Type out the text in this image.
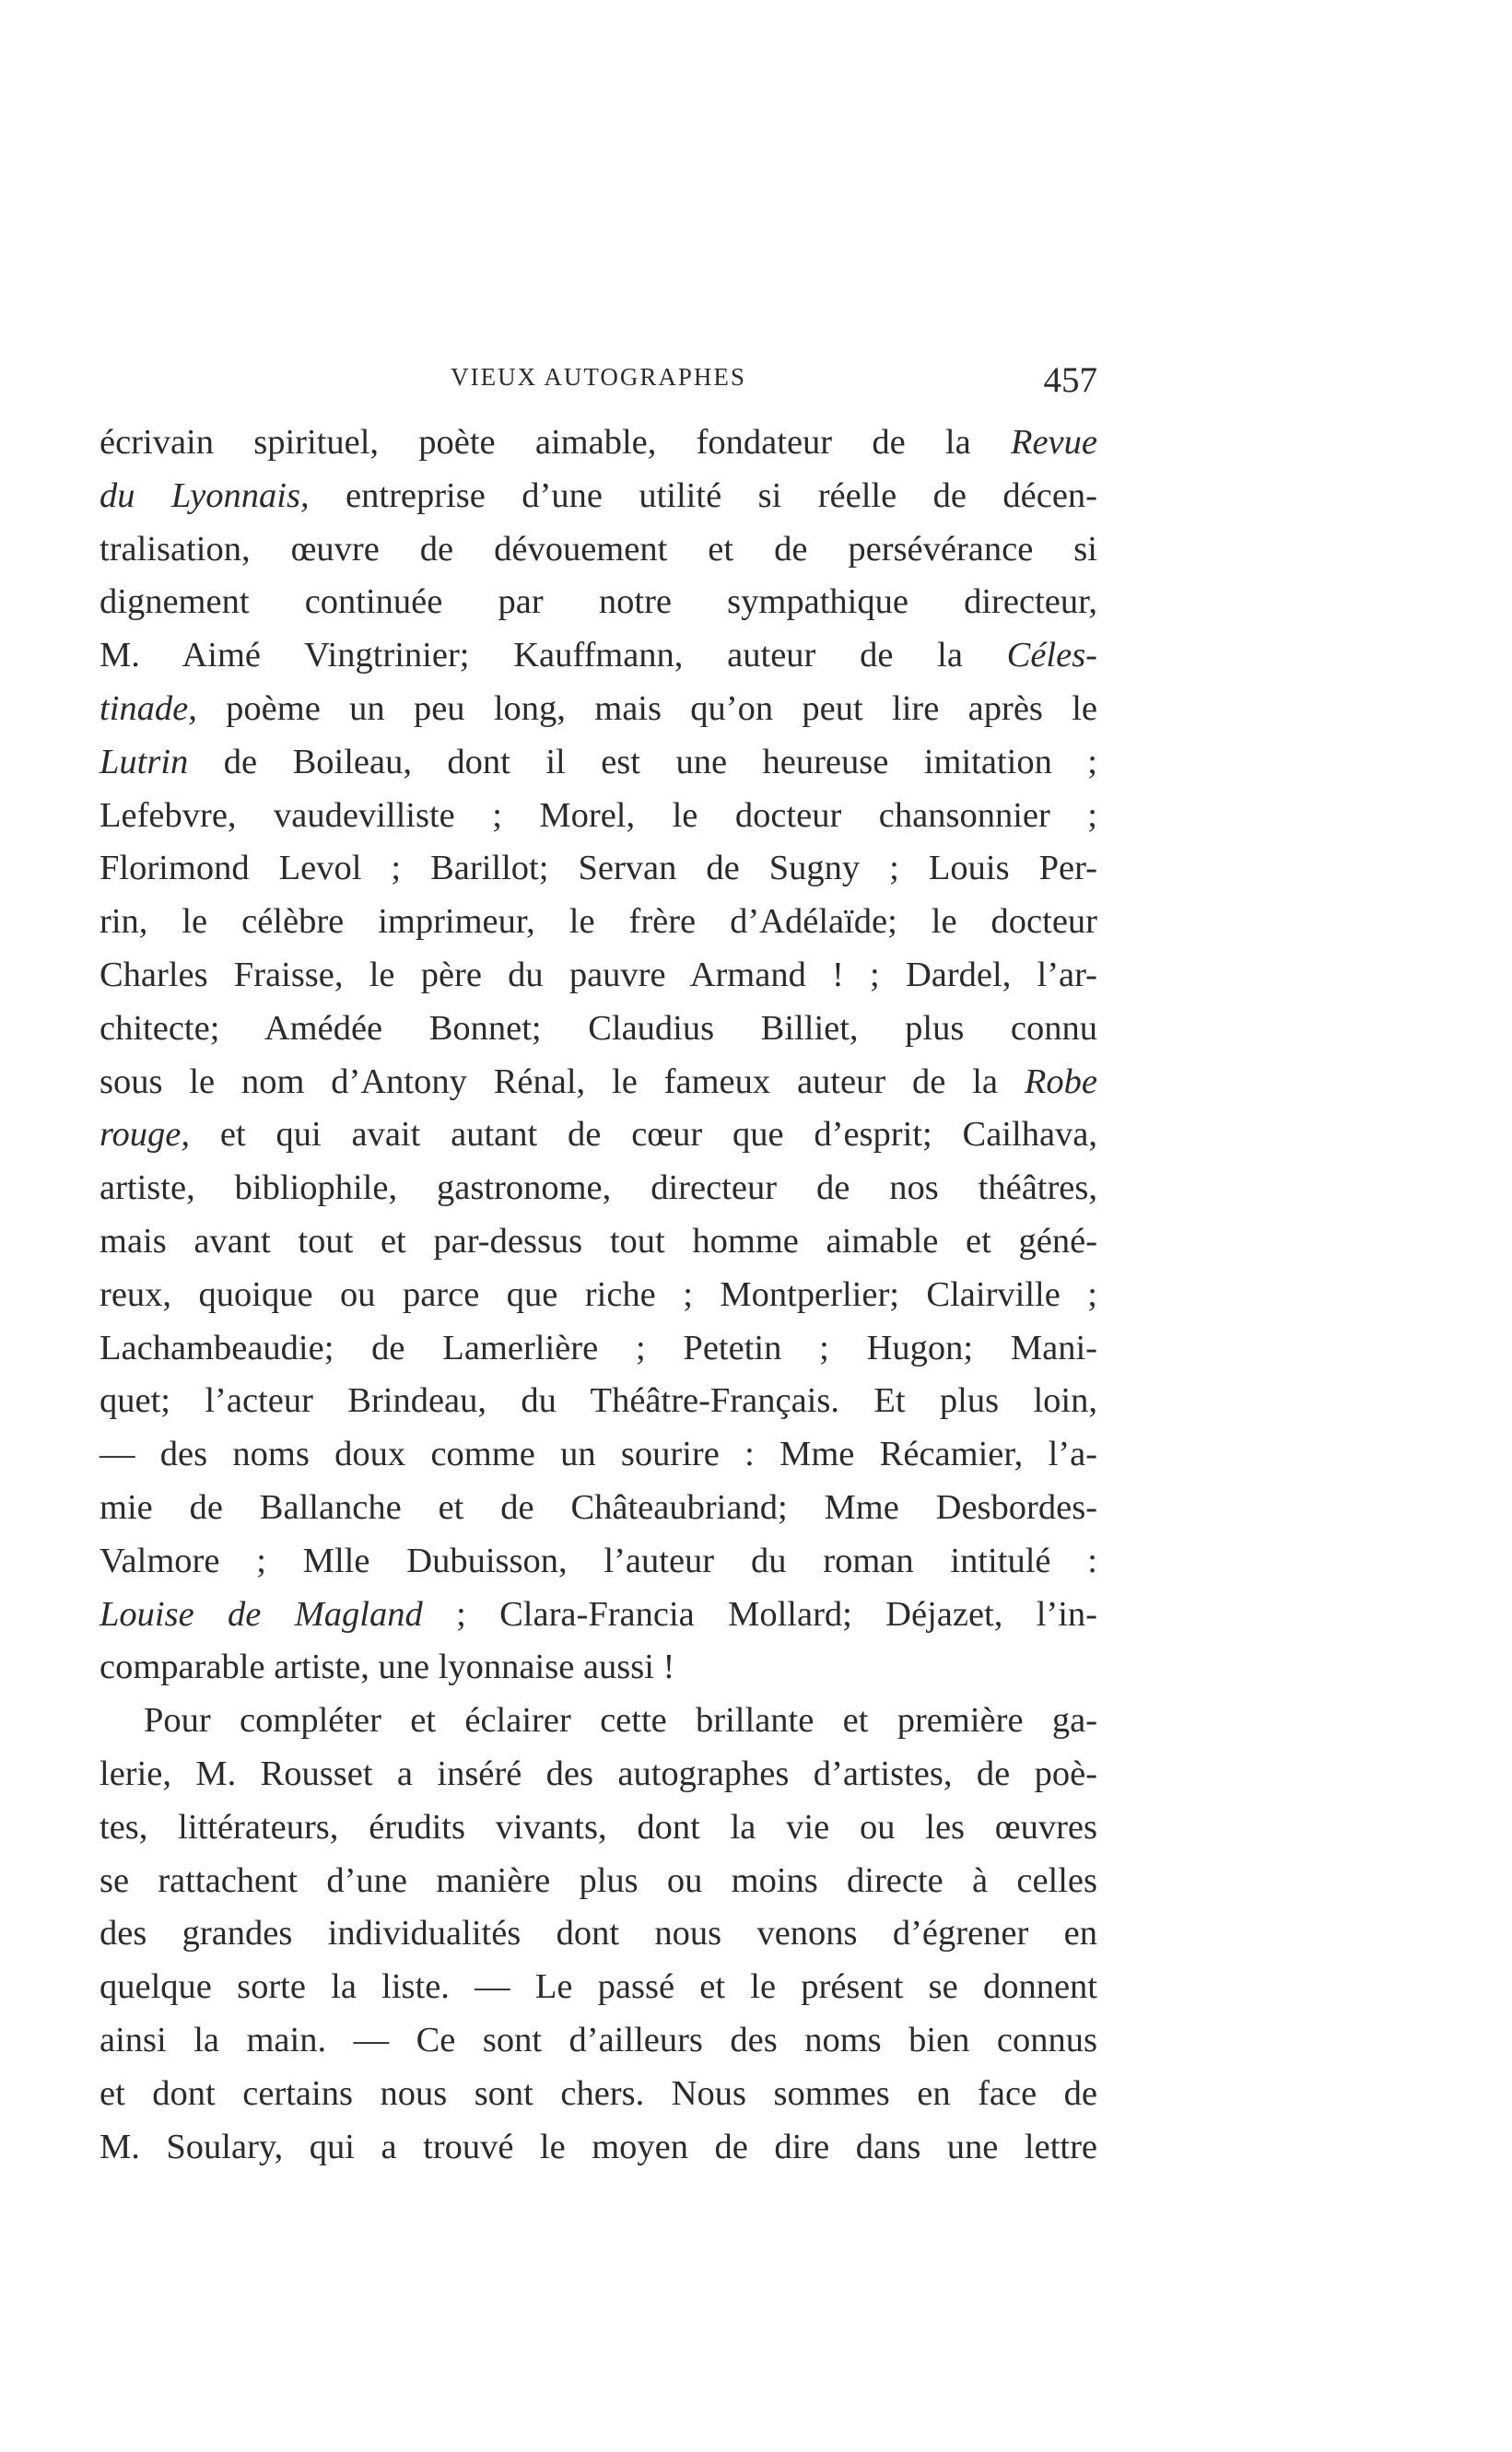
VIEUX AUTOGRAPHES	457
écrivain spirituel, poète aimable, fondateur de la Revue
du Lyonnais, entreprise d’une utilité si réelle de décen-
tralisation, œuvre de dévouement et de persévérance si
dignement continuée par notre sympathique directeur,
M. Aimé Vingtrinier; Kauffmann, auteur de la Céles-
tinade, poème un peu long, mais qu’on peut lire après le
Lutrin de Boileau, dont il est une heureuse imitation ;
Lefebvre, vaudevilliste ; Morel, le docteur chansonnier ;
Florimond Levol ; Barillot; Servan de Sugny ; Louis Per-
rin, le célèbre imprimeur, le frère d’Adélaïde; le docteur
Charles Fraisse, le père du pauvre Armand ! ; Dardel, l’ar-
chitecte; Amédée Bonnet; Claudius Billiet, plus connu
sous le nom d’Antony Rénal, le fameux auteur de la Robe
rouge, et qui avait autant de cœur que d’esprit; Cailhava,
artiste, bibliophile, gastronome, directeur de nos théâtres,
mais avant tout et par-dessus tout homme aimable et géné-
reux, quoique ou parce que riche ; Montperlier; Clairville ;
Lachambeaudie; de Lamerlière ; Petetin ; Hugon; Mani-
quet; l’acteur Brindeau, du Théâtre-Français. Et plus loin,
— des noms doux comme un sourire : Mme Récamier, l’a-
mie de Ballanche et de Châteaubriand; Mme Desbordes-
Valmore ; Mlle Dubuisson, l’auteur du roman intitulé :
Louise de Magland ; Clara-Francia Mollard; Déjazet, l’in-
comparable artiste, une lyonnaise aussi !
Pour compléter et éclairer cette brillante et première ga-
lerie, M. Rousset a inséré des autographes d’artistes, de poè-
tes, littérateurs, érudits vivants, dont la vie ou les œuvres
se rattachent d’une manière plus ou moins directe à celles
des grandes individualités dont nous venons d’égrener en
quelque sorte la liste. — Le passé et le présent se donnent
ainsi la main. — Ce sont d’ailleurs des noms bien connus
et dont certains nous sont chers. Nous sommes en face de
M. Soulary, qui a trouvé le moyen de dire dans une lettre
